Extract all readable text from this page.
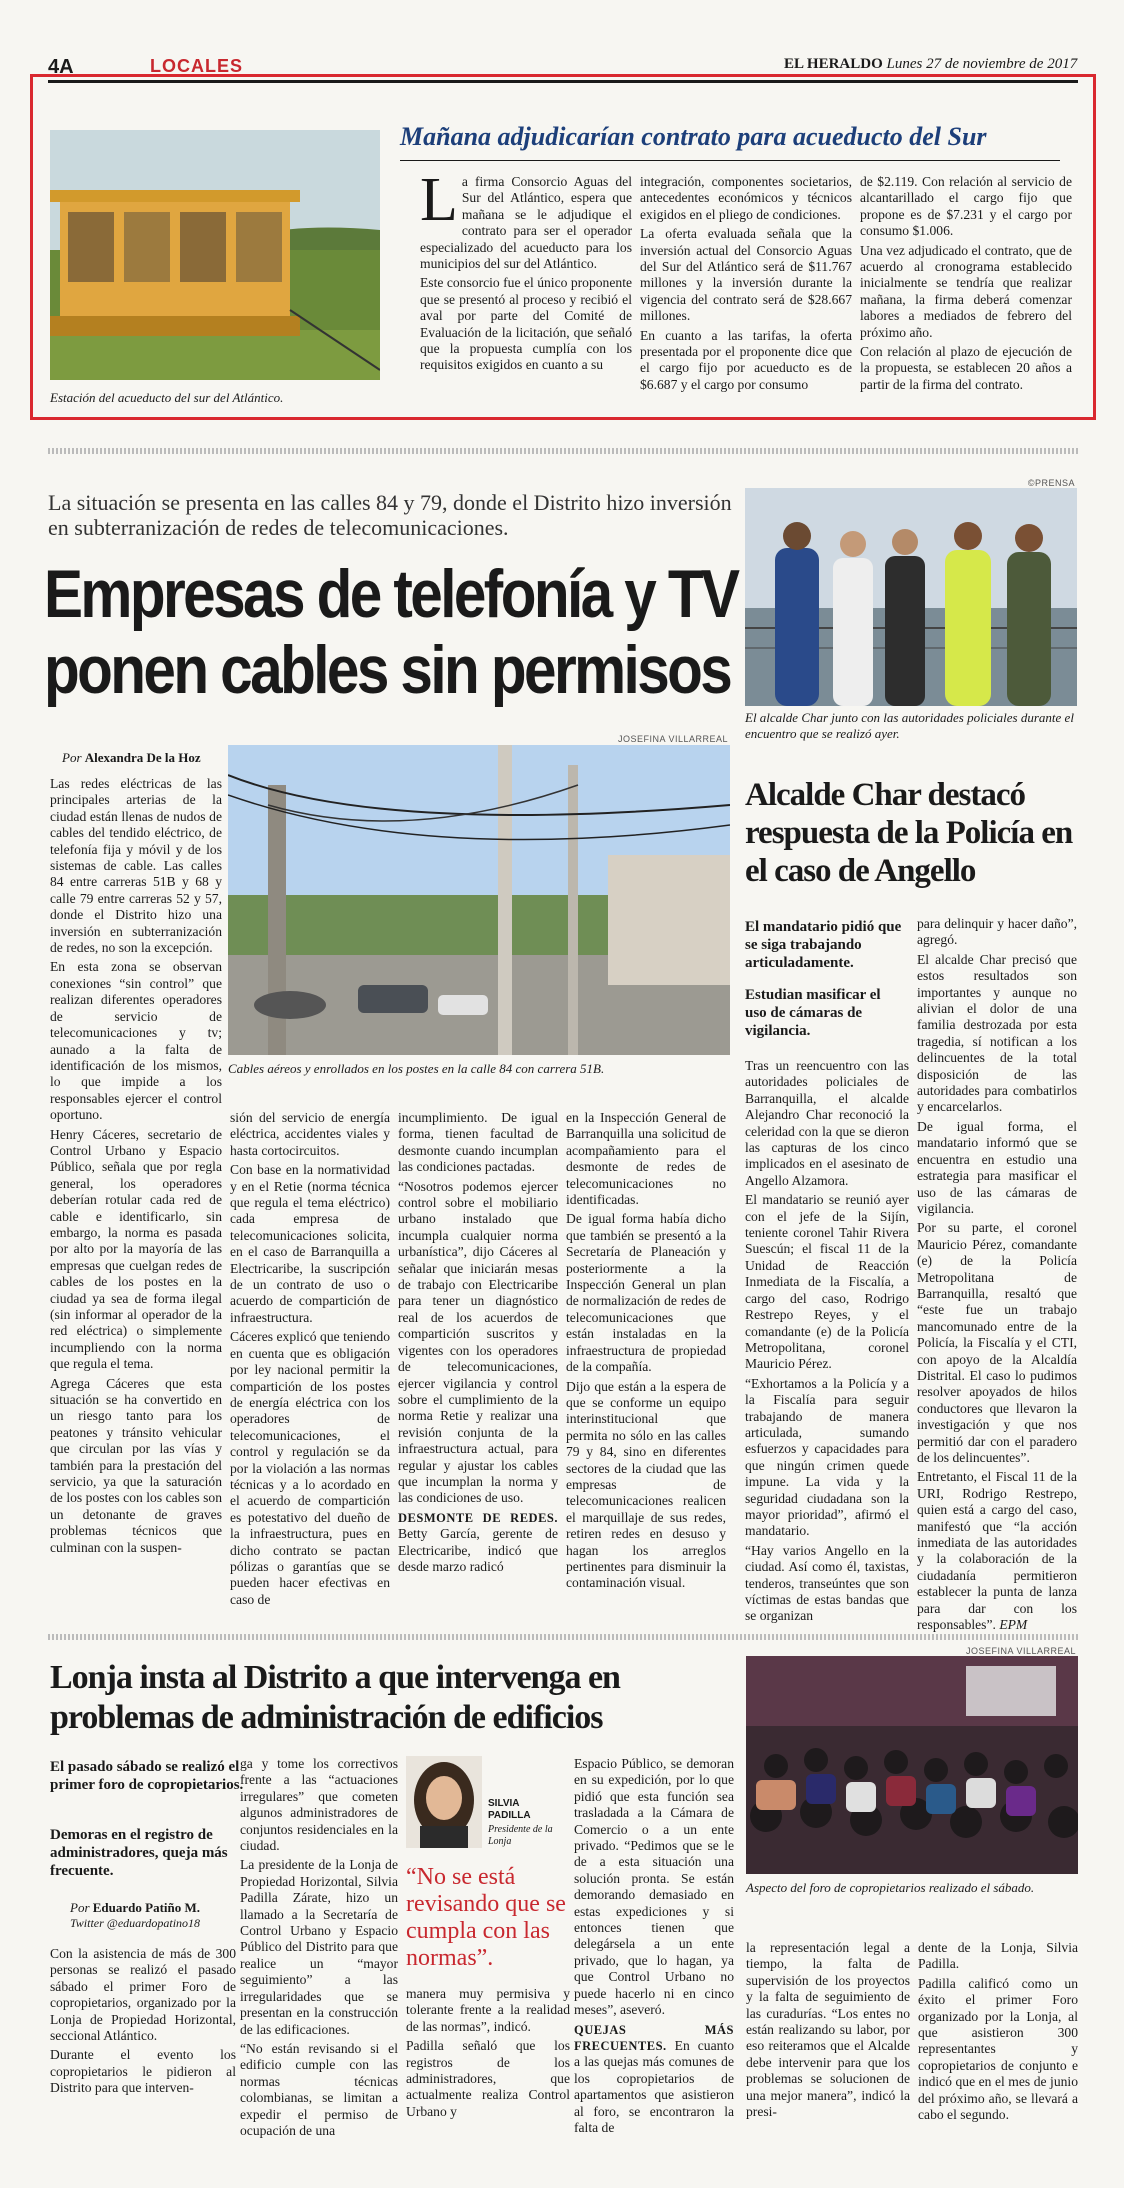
4A	LOCALES	EL HERALDO Lunes 27 de noviembre de 2017
Estación del acueducto del sur del Atlántico.
Mañana adjudicarían contrato para acueducto del Sur
L a firma Consorcio Aguas del Sur del Atlántico, espera que mañana se le adjudique el contrato para ser el operador especializado del acueducto para los municipios del sur del Atlántico.

Este consorcio fue el único proponente que se presentó al proceso y recibió el aval por parte del Comité de Evaluación de la licitación, que señaló que la propuesta cumplía con los requisitos exigidos en cuanto a su

integración, componentes societarios, antecedentes económicos y técnicos exigidos en el pliego de condiciones.

La oferta evaluada señala que la inversión actual del Consorcio Aguas del Sur del Atlántico será de $11.767 millones y la inversión durante la vigencia del contrato será de $28.667 millones.

En cuanto a las tarifas, la oferta presentada por el proponente dice que el cargo fijo por acueducto es de $6.687 y el cargo por consumo

de $2.119. Con relación al servicio de alcantarillado el cargo fijo que propone es de $7.231 y el cargo por consumo $1.006.

Una vez adjudicado el contrato, que de acuerdo al cronograma establecido inicialmente se tendría que realizar mañana, la firma deberá comenzar labores a mediados de febrero del próximo año.

Con relación al plazo de ejecución de la propuesta, se establecen 20 años a partir de la firma del contrato.

La situación se presenta en las calles 84 y 79, donde el Distrito hizo inversión en subterranización de redes de telecomunicaciones.
Empresas de telefonía y TV
ponen cables sin permisos
Por Alexandra De la Hoz
JOSEFINA VILLARREAL
Cables aéreos y enrollados en los postes en la calle 84 con carrera 51B.

Las redes eléctricas de las principales arterias de la ciudad están llenas de nudos de cables del tendido eléctrico, de telefonía fija y móvil y de los sistemas de cable. Las calles 84 entre carreras 51B y 68 y calle 79 entre carreras 52 y 57, donde el Distrito hizo una inversión en subterranización de redes, no son la excepción.

En esta zona se observan conexiones “sin control” que realizan diferentes operadores de servicio de telecomunicaciones y tv; aunado a la falta de identificación de los mismos, lo que impide a los responsables ejercer el control oportuno.

Henry Cáceres, secretario de Control Urbano y Espacio Público, señala que por regla general, los operadores deberían rotular cada red de cable e identificarlo, sin embargo, la norma es pasada por alto por la mayoría de las empresas que cuelgan redes de cables de los postes en la ciudad ya sea de forma ilegal (sin informar al operador de la red eléctrica) o simplemente incumpliendo con la norma que regula el tema.

Agrega Cáceres que esta situación se ha convertido en un riesgo tanto para los peatones y tránsito vehicular que circulan por las vías y también para la prestación del servicio, ya que la saturación de los postes con los cables son un detonante de graves problemas técnicos que culminan con la suspen-

sión del servicio de energía eléctrica, accidentes viales y hasta cortocircuitos.

Con base en la normatividad y en el Retie (norma técnica que regula el tema eléctrico) cada empresa de telecomunicaciones solicita, en el caso de Barranquilla a Electricaribe, la suscripción de un contrato de uso o acuerdo de compartición de infraestructura.

Cáceres explicó que teniendo en cuenta que es obligación por ley nacional permitir la compartición de los postes de energía eléctrica con los operadores de telecomunicaciones, el control y regulación se da por la violación a las normas técnicas y a lo acordado en el acuerdo de compartición es potestativo del dueño de la infraestructura, pues en dicho contrato se pactan pólizas o garantías que se pueden hacer efectivas en caso de

incumplimiento. De igual forma, tienen facultad de desmonte cuando incumplan las condiciones pactadas.

“Nosotros podemos ejercer control sobre el mobiliario urbano instalado que incumpla cualquier norma urbanística”, dijo Cáceres al señalar que iniciarán mesas de trabajo con Electricaribe para tener un diagnóstico real de los acuerdos de compartición suscritos y vigentes con los operadores de telecomunicaciones, ejercer vigilancia y control sobre el cumplimiento de la norma Retie y realizar una revisión conjunta de la infraestructura actual, para regular y ajustar los cables que incumplan la norma y las condiciones de uso.

DESMONTE DE REDES. Betty García, gerente de Electricaribe, indicó que desde marzo radicó

en la Inspección General de Barranquilla una solicitud de acompañamiento para el desmonte de redes de telecomunicaciones no identificadas.

De igual forma había dicho que también se presentó a la Secretaría de Planeación y posteriormente a la Inspección General un plan de normalización de redes de telecomunicaciones que están instaladas en la infraestructura de propiedad de la compañía.

Dijo que están a la espera de que se conforme un equipo interinstitucional que permita no sólo en las calles 79 y 84, sino en diferentes sectores de la ciudad que las empresas de telecomunicaciones realicen el marquillaje de sus redes, retiren redes en desuso y hagan los arreglos pertinentes para disminuir la contaminación visual.

©PRENSA
El alcalde Char junto con las autoridades policiales durante el encuentro que se realizó ayer.
Alcalde Char destacó respuesta de la Policía en el caso de Angello
El mandatario pidió que se siga trabajando articuladamente.
Estudian masificar el uso de cámaras de vigilancia.

Tras un reencuentro con las autoridades policiales de Barranquilla, el alcalde Alejandro Char reconoció la celeridad con la que se dieron las capturas de los cinco implicados en el asesinato de Angello Alzamora.

El mandatario se reunió ayer con el jefe de la Sijín, teniente coronel Tahir Rivera Suescún; el fiscal 11 de la Unidad de Reacción Inmediata de la Fiscalía, a cargo del caso, Rodrigo Restrepo Reyes, y el comandante (e) de la Policía Metropolitana, coronel Mauricio Pérez.

“Exhortamos a la Policía y a la Fiscalía para seguir trabajando de manera articulada, sumando esfuerzos y capacidades para que ningún crimen quede impune. La vida y la seguridad ciudadana son la mayor prioridad”, afirmó el mandatario.

“Hay varios Angello en la ciudad. Así como él, taxistas, tenderos, transeúntes que son víctimas de estas bandas que se organizan

para delinquir y hacer daño”, agregó.

El alcalde Char precisó que estos resultados son importantes y aunque no alivian el dolor de una familia destrozada por esta tragedia, sí notifican a los delincuentes de la total disposición de las autoridades para combatirlos y encarcelarlos.

De igual forma, el mandatario informó que se encuentra en estudio una estrategia para masificar el uso de las cámaras de vigilancia.

Por su parte, el coronel Mauricio Pérez, comandante (e) de la Policía Metropolitana de Barranquilla, resaltó que “este fue un trabajo mancomunado entre de la Policía, la Fiscalía y el CTI, con apoyo de la Alcaldía Distrital. El caso lo pudimos resolver apoyados de hilos conductores que llevaron la investigación y que nos permitió dar con el paradero de los delincuentes”.

Entretanto, el Fiscal 11 de la URI, Rodrigo Restrepo, quien está a cargo del caso, manifestó que “la acción inmediata de las autoridades y la colaboración de la ciudadanía permitieron establecer la punta de lanza para dar con los responsables”. EPM

Lonja insta al Distrito a que intervenga en problemas de administración de edificios
El pasado sábado se realizó el primer foro de copropietarios.
Demoras en el registro de administradores, queja más frecuente.
Por Eduardo Patiño M.
Twitter @eduardopatino18

Con la asistencia de más de 300 personas se realizó el pasado sábado el primer Foro de copropietarios, organizado por la Lonja de Propiedad Horizontal, seccional Atlántico.

Durante el evento los copropietarios le pidieron al Distrito para que interven-

ga y tome los correctivos frente a las “actuaciones irregulares” que cometen algunos administradores de conjuntos residenciales en la ciudad.

La presidente de la Lonja de Propiedad Horizontal, Silvia Padilla Zárate, hizo un llamado a la Secretaría de Control Urbano y Espacio Público del Distrito para que realice un “mayor seguimiento” a las irregularidades que se presentan en la construcción de las edificaciones.

“No están revisando si el edificio cumple con las normas técnicas colombianas, se limitan a expedir el permiso de ocupación de una

SILVIA
PADILLA
Presidente de la Lonja
“No se está revisando que se cumpla con las normas”.

manera muy permisiva y tolerante frente a la realidad de las normas”, indicó.

Padilla señaló que los registros de los administradores, que actualmente realiza Control Urbano y

Espacio Público, se demoran en su expedición, por lo que pidió que esta función sea trasladada a la Cámara de Comercio o a un ente privado. “Pedimos que se le de a esta situación una solución pronta. Se están demorando demasiado en estas expediciones y si entonces tienen que delegársela a un ente privado, que lo hagan, ya que Control Urbano no puede hacerlo ni en cinco meses”, aseveró.

QUEJAS MÁS FRECUENTES. En cuanto a las quejas más comunes de los copropietarios de apartamentos que asistieron al foro, se encontraron la falta de

JOSEFINA VILLARREAL
Aspecto del foro de copropietarios realizado el sábado.

la representación legal a tiempo, la falta de supervisión de los proyectos y la falta de seguimiento de las curadurías. “Los entes no están realizando su labor, por eso reiteramos que el Alcalde debe intervenir para que los problemas se solucionen de una mejor manera”, indicó la presi-

dente de la Lonja, Silvia Padilla.

Padilla calificó como un éxito el primer Foro organizado por la Lonja, al que asistieron 300 representantes y copropietarios de conjunto e indicó que en el mes de junio del próximo año, se llevará a cabo el segundo.
